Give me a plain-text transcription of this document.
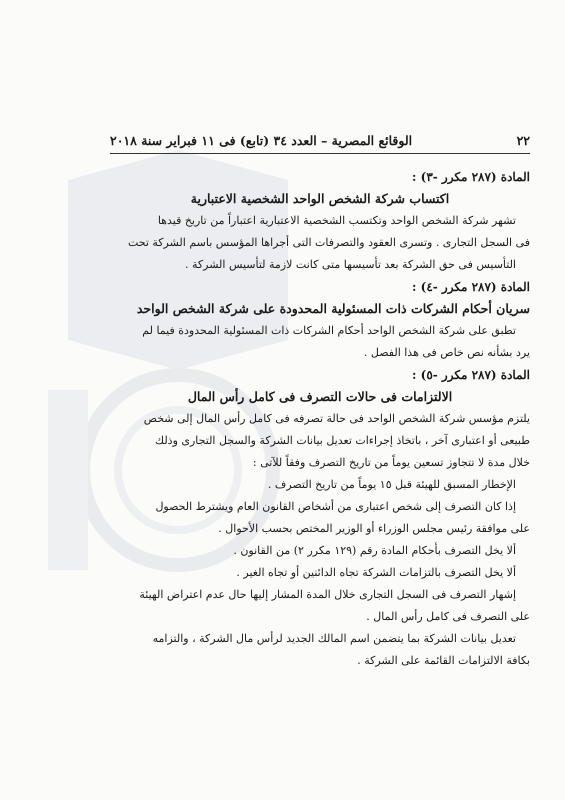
٢٢
الوقائع المصرية – العدد ٣٤ (تابع) فى ١١ فبراير سنة ٢٠١٨
المادة (٢٨٧ مكرر -٣) :
اكتساب شركة الشخص الواحد الشخصية الاعتبارية
تشهر شركة الشخص الواحد وتكتسب الشخصية الاعتبارية اعتباراً من تاريخ قيدها
فى السجل التجارى . وتسرى العقود والتصرفات التى أجراها المؤسس باسم الشركة تحت
التأسيس فى حق الشركة بعد تأسيسها متى كانت لازمة لتأسيس الشركة .
المادة (٢٨٧ مكرر -٤) :
سريان أحكام الشركات ذات المسئولية المحدودة على شركة الشخص الواحد
تطبق على شركة الشخص الواحد أحكام الشركات ذات المسئولية المحدودة فيما لم
يرد بشأنه نص خاص فى هذا الفصل .
المادة (٢٨٧ مكرر -٥) :
الالتزامات فى حالات التصرف فى كامل رأس المال
يلتزم مؤسس شركة الشخص الواحد فى حالة تصرفه فى كامل رأس المال إلى شخص
طبيعى أو اعتبارى آخر ، باتخاذ إجراءات تعديل بيانات الشركة والسجل التجارى وذلك
خلال مدة لا تتجاوز تسعين يوماً من تاريخ التصرف وفقاً للآتى :
الإخطار المسبق للهيئة قبل ١٥ يوماً من تاريخ التصرف .
إذا كان التصرف إلى شخص اعتبارى من أشخاص القانون العام ويشترط الحصول
على موافقة رئيس مجلس الوزراء أو الوزير المختص بحسب الأحوال .
ألا يخل التصرف بأحكام المادة رقم (١٢٩ مكرر ٢) من القانون .
ألا يخل التصرف بالتزامات الشركة تجاه الدائنين أو تجاه الغير .
إشهار التصرف فى السجل التجارى خلال المدة المشار إليها حال عدم اعتراض الهيئة
على التصرف فى كامل رأس المال .
تعديل بيانات الشركة بما يتضمن اسم المالك الجديد لرأس مال الشركة ، والتزامه
بكافة الالتزامات القائمة على الشركة .
